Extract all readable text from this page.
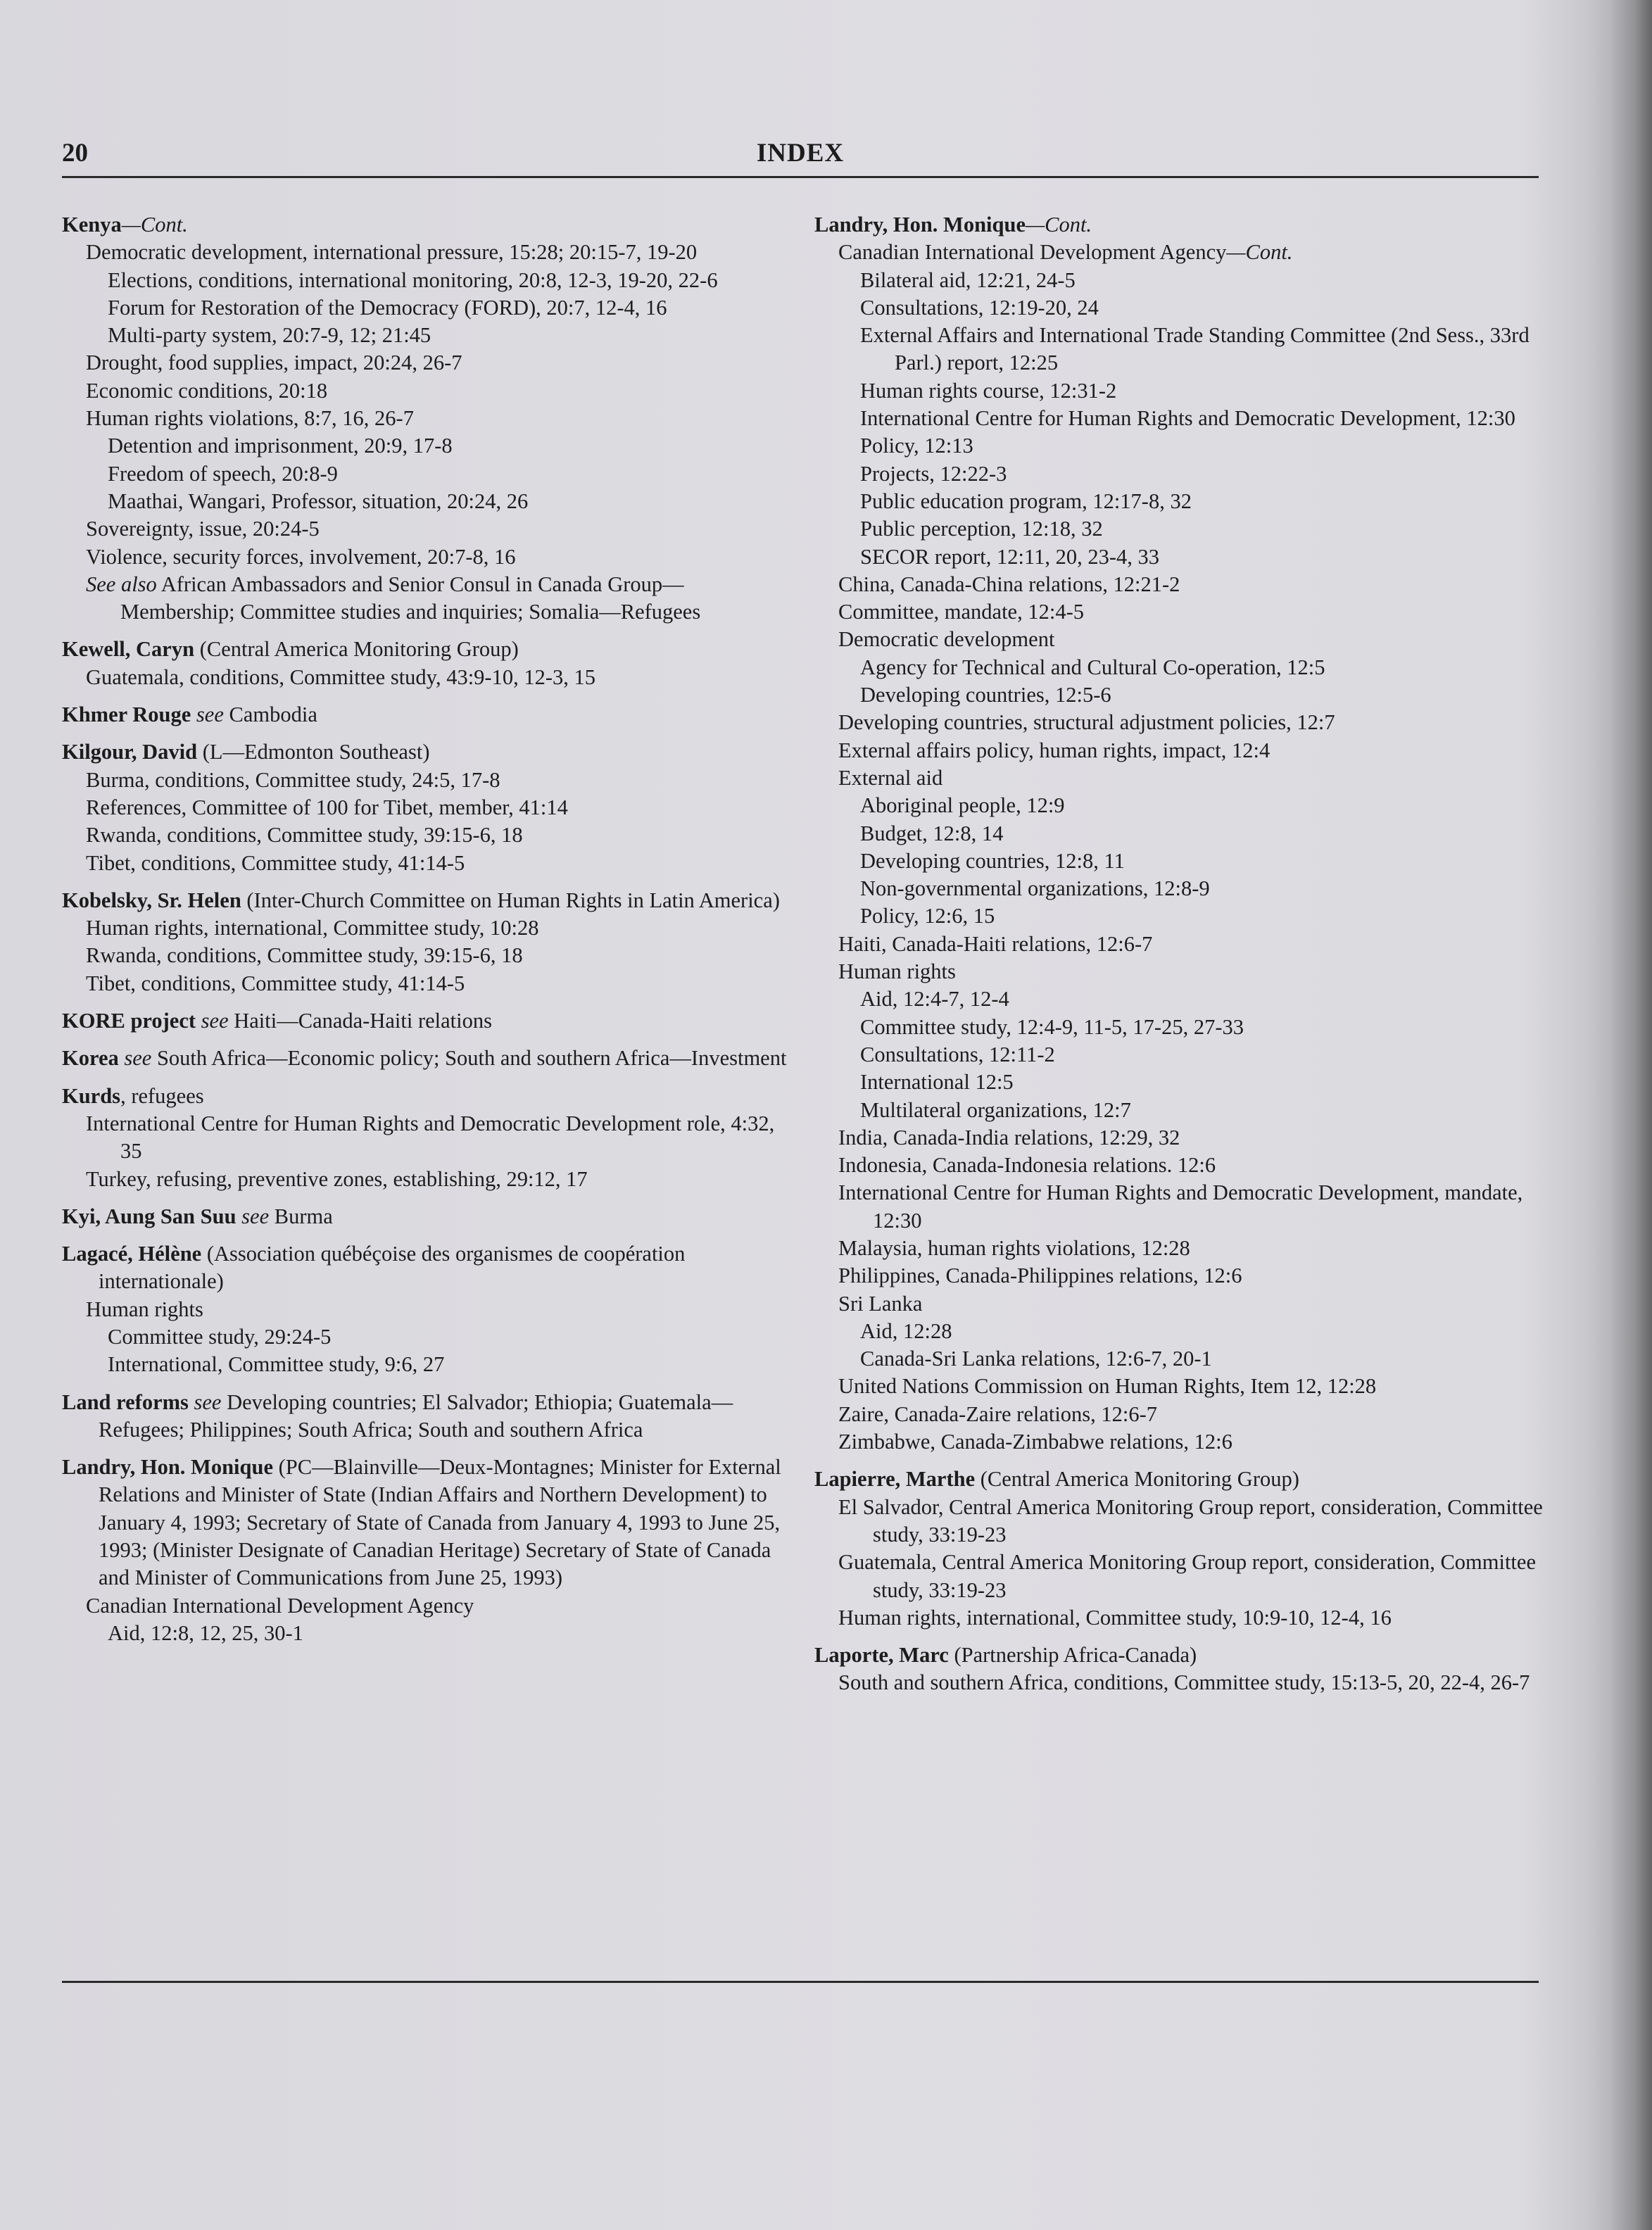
20	INDEX
Kenya—Cont.
Democratic development, international pressure, 15:28; 20:15-7, 19-20
Elections, conditions, international monitoring, 20:8, 12-3, 19-20, 22-6
Forum for Restoration of the Democracy (FORD), 20:7, 12-4, 16
Multi-party system, 20:7-9, 12; 21:45
Drought, food supplies, impact, 20:24, 26-7
Economic conditions, 20:18
Human rights violations, 8:7, 16, 26-7
Detention and imprisonment, 20:9, 17-8
Freedom of speech, 20:8-9
Maathai, Wangari, Professor, situation, 20:24, 26
Sovereignty, issue, 20:24-5
Violence, security forces, involvement, 20:7-8, 16
See also African Ambassadors and Senior Consul in Canada Group—Membership; Committee studies and inquiries; Somalia—Refugees
Kewell, Caryn (Central America Monitoring Group)
Guatemala, conditions, Committee study, 43:9-10, 12-3, 15
Khmer Rouge see Cambodia
Kilgour, David (L—Edmonton Southeast)
Burma, conditions, Committee study, 24:5, 17-8
References, Committee of 100 for Tibet, member, 41:14
Rwanda, conditions, Committee study, 39:15-6, 18
Tibet, conditions, Committee study, 41:14-5
Kobelsky, Sr. Helen (Inter-Church Committee on Human Rights in Latin America)
Human rights, international, Committee study, 10:28
Rwanda, conditions, Committee study, 39:15-6, 18
Tibet, conditions, Committee study, 41:14-5
KORE project see Haiti—Canada-Haiti relations
Korea see South Africa—Economic policy; South and southern Africa—Investment
Kurds, refugees
International Centre for Human Rights and Democratic Development role, 4:32, 35
Turkey, refusing, preventive zones, establishing, 29:12, 17
Kyi, Aung San Suu see Burma
Lagacé, Hélène (Association québéçoise des organismes de coopération internationale)
Human rights
Committee study, 29:24-5
International, Committee study, 9:6, 27
Land reforms see Developing countries; El Salvador; Ethiopia; Guatemala—Refugees; Philippines; South Africa; South and southern Africa
Landry, Hon. Monique (PC—Blainville—Deux-Montagnes; Minister for External Relations and Minister of State (Indian Affairs and Northern Development) to January 4, 1993; Secretary of State of Canada from January 4, 1993 to June 25, 1993; (Minister Designate of Canadian Heritage) Secretary of State of Canada and Minister of Communications from June 25, 1993)
Canadian International Development Agency
Aid, 12:8, 12, 25, 30-1
Landry, Hon. Monique—Cont.
Canadian International Development Agency—Cont.
Bilateral aid, 12:21, 24-5
Consultations, 12:19-20, 24
External Affairs and International Trade Standing Committee (2nd Sess., 33rd Parl.) report, 12:25
Human rights course, 12:31-2
International Centre for Human Rights and Democratic Development, 12:30
Policy, 12:13
Projects, 12:22-3
Public education program, 12:17-8, 32
Public perception, 12:18, 32
SECOR report, 12:11, 20, 23-4, 33
China, Canada-China relations, 12:21-2
Committee, mandate, 12:4-5
Democratic development
Agency for Technical and Cultural Co-operation, 12:5
Developing countries, 12:5-6
Developing countries, structural adjustment policies, 12:7
External affairs policy, human rights, impact, 12:4
External aid
Aboriginal people, 12:9
Budget, 12:8, 14
Developing countries, 12:8, 11
Non-governmental organizations, 12:8-9
Policy, 12:6, 15
Haiti, Canada-Haiti relations, 12:6-7
Human rights
Aid, 12:4-7, 12-4
Committee study, 12:4-9, 11-5, 17-25, 27-33
Consultations, 12:11-2
International 12:5
Multilateral organizations, 12:7
India, Canada-India relations, 12:29, 32
Indonesia, Canada-Indonesia relations. 12:6
International Centre for Human Rights and Democratic Development, mandate, 12:30
Malaysia, human rights violations, 12:28
Philippines, Canada-Philippines relations, 12:6
Sri Lanka
Aid, 12:28
Canada-Sri Lanka relations, 12:6-7, 20-1
United Nations Commission on Human Rights, Item 12, 12:28
Zaire, Canada-Zaire relations, 12:6-7
Zimbabwe, Canada-Zimbabwe relations, 12:6
Lapierre, Marthe (Central America Monitoring Group)
El Salvador, Central America Monitoring Group report, consideration, Committee study, 33:19-23
Guatemala, Central America Monitoring Group report, consideration, Committee study, 33:19-23
Human rights, international, Committee study, 10:9-10, 12-4, 16
Laporte, Marc (Partnership Africa-Canada)
South and southern Africa, conditions, Committee study, 15:13-5, 20, 22-4, 26-7
